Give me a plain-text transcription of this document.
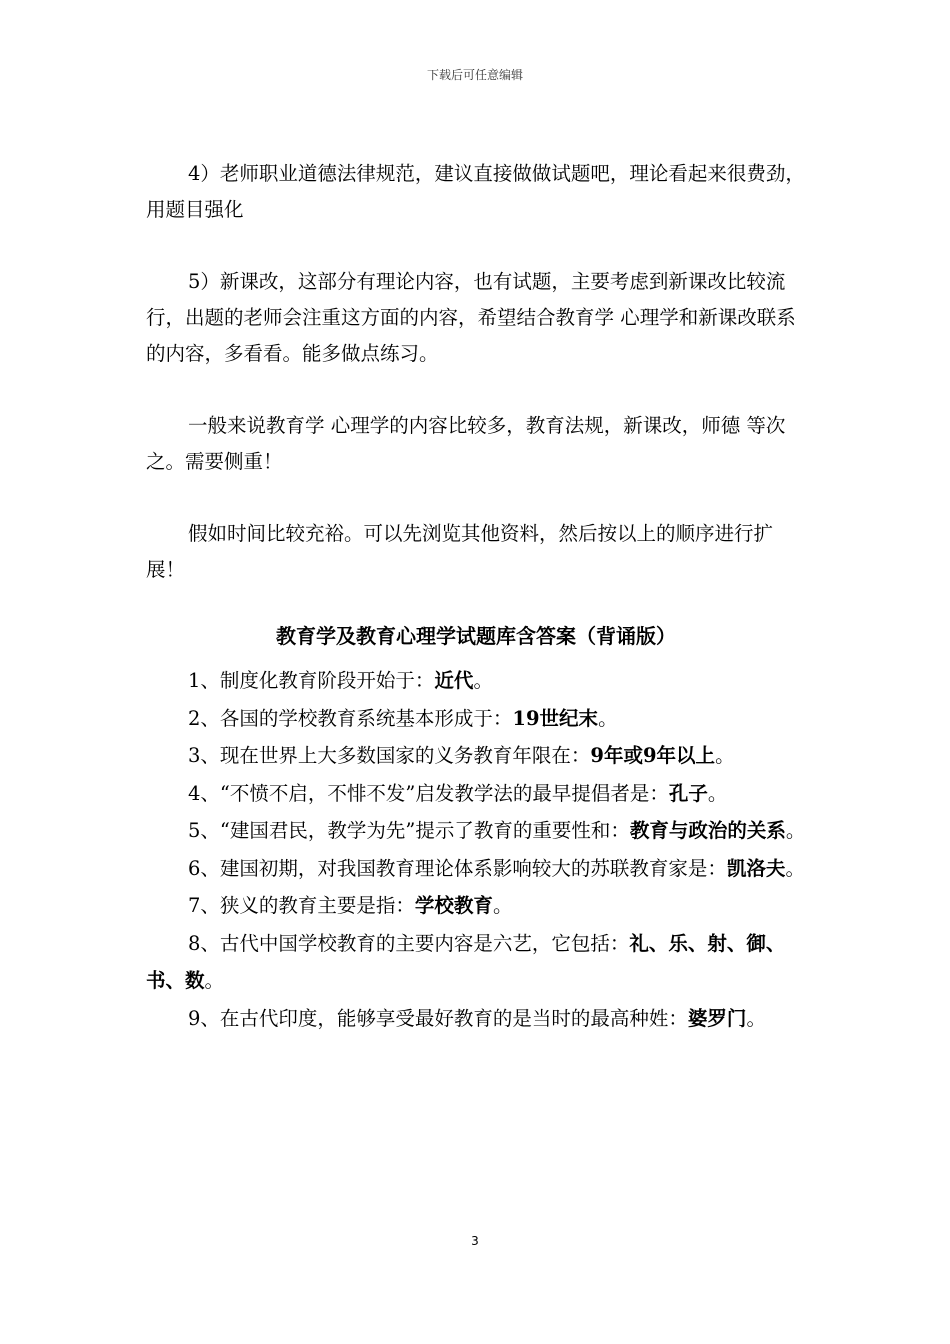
下载后可任意编辑

4）老师职业道德法律规范，建议直接做做试题吧，理论看起来很费劲，用题目强化

5）新课改，这部分有理论内容，也有试题，主要考虑到新课改比较流行，出题的老师会注重这方面的内容，希望结合教育学 心理学和新课改联系的内容，多看看。能多做点练习。

一般来说教育学 心理学的内容比较多，教育法规，新课改，师德 等次之。需要侧重！

假如时间比较充裕。可以先浏览其他资料，然后按以上的顺序进行扩展！

教育学及教育心理学试题库含答案（背诵版）

1、制度化教育阶段开始于：近代。

2、各国的学校教育系统基本形成于：19世纪末。

3、现在世界上大多数国家的义务教育年限在：9年或9年以上。

4、“不愤不启，不悱不发”启发教学法的最早提倡者是：孔子。

5、“建国君民，教学为先”提示了教育的重要性和：教育与政治的关系。

6、建国初期，对我国教育理论体系影响较大的苏联教育家是：凯洛夫。

7、狭义的教育主要是指：学校教育。

8、古代中国学校教育的主要内容是六艺，它包括：礼、乐、射、御、书、数。

9、在古代印度，能够享受最好教育的是当时的最高种姓：婆罗门。

3
